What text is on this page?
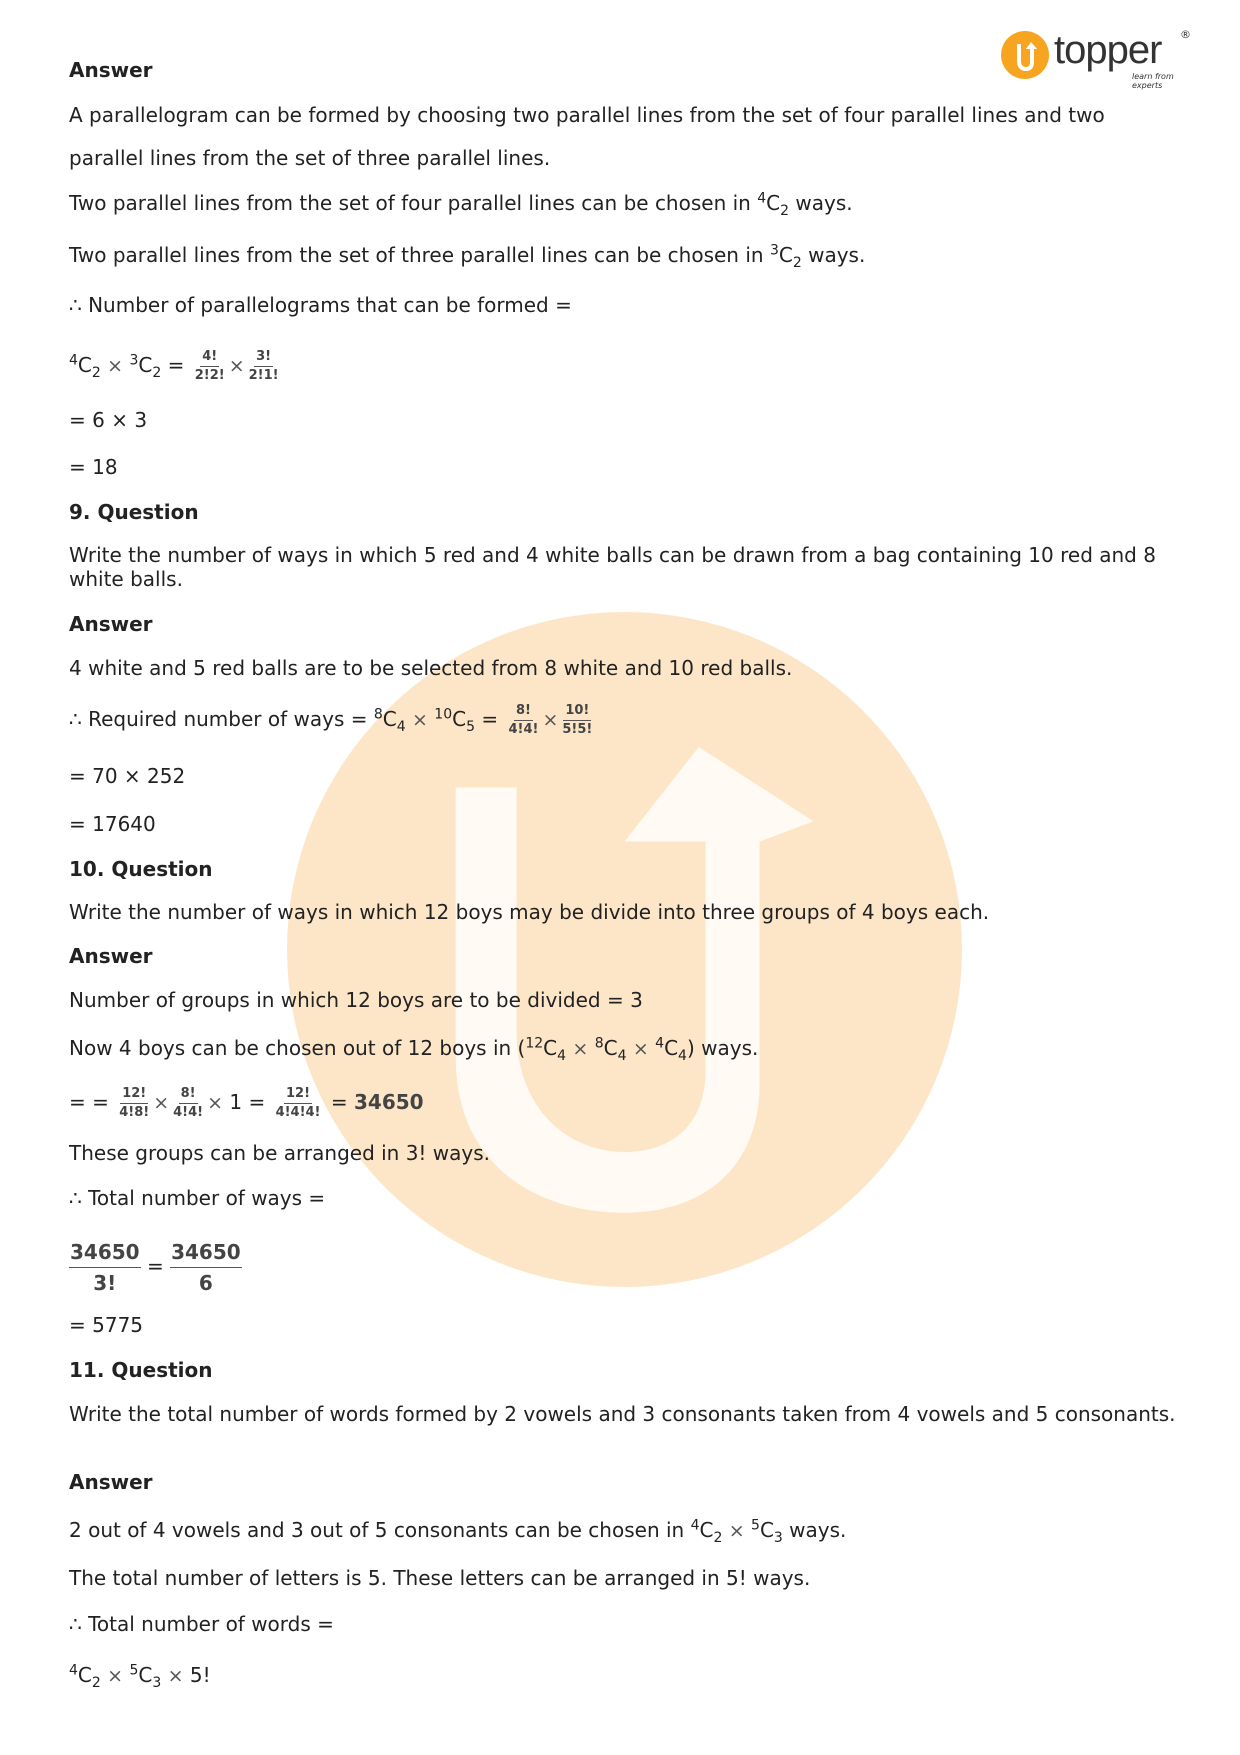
topper ®
learn from experts
Answer
A parallelogram can be formed by choosing two parallel lines from the set of four parallel lines and two
parallel lines from the set of three parallel lines.
Two parallel lines from the set of four parallel lines can be chosen in $^4C_2$ ways.
Two parallel lines from the set of three parallel lines can be chosen in $^3C_2$ ways.
∴ Number of parallelograms that can be formed =
$^4C_2 \times ^3C_2 = \frac{4!}{2!2!} \times \frac{3!}{2!1!}$
= 6 × 3
= 18
9. Question
Write the number of ways in which 5 red and 4 white balls can be drawn from a bag containing 10 red and 8 white balls.
Answer
4 white and 5 red balls are to be selected from 8 white and 10 red balls.
∴ Required number of ways = $^8C_4 \times ^{10}C_5 = \frac{8!}{4!4!} \times \frac{10!}{5!5!}$
= 70 × 252
= 17640
10. Question
Write the number of ways in which 12 boys may be divide into three groups of 4 boys each.
Answer
Number of groups in which 12 boys are to be divided = 3
Now 4 boys can be chosen out of 12 boys in $(^{12}C_4 \times ^8C_4 \times ^4C_4)$ ways.
= = $\frac{12!}{4!8!} \times \frac{8!}{4!4!} \times 1 = \frac{12!}{4!4!4!} = 34650$
These groups can be arranged in 3! ways.
∴ Total number of ways =
$\frac{34650}{3!} = \frac{34650}{6}$
= 5775
11. Question
Write the total number of words formed by 2 vowels and 3 consonants taken from 4 vowels and 5 consonants.
Answer
2 out of 4 vowels and 3 out of 5 consonants can be chosen in $^4C_2 \times ^5C_3$ ways.
The total number of letters is 5. These letters can be arranged in 5! ways.
∴ Total number of words =
$^4C_2 \times ^5C_3 \times 5$!
